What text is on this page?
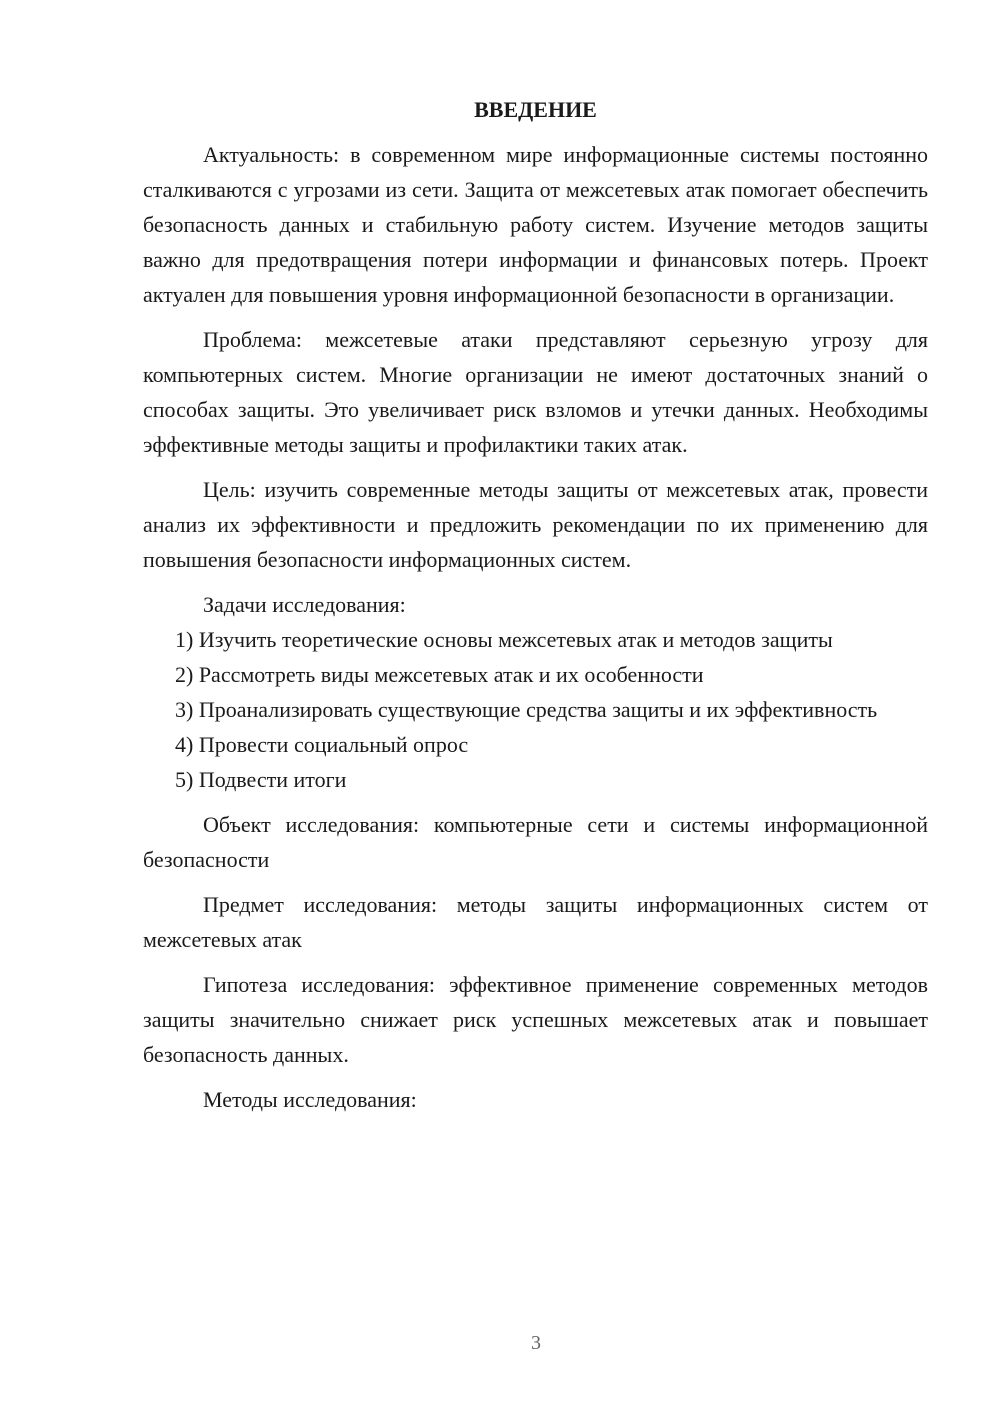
ВВЕДЕНИЕ

Актуальность: в современном мире информационные системы постоянно сталкиваются с угрозами из сети. Защита от межсетевых атак помогает обеспечить безопасность данных и стабильную работу систем. Изучение методов защиты важно для предотвращения потери информации и финансовых потерь. Проект актуален для повышения уровня информационной безопасности в организации.

Проблема: межсетевые атаки представляют серьезную угрозу для компьютерных систем. Многие организации не имеют достаточных знаний о способах защиты. Это увеличивает риск взломов и утечки данных. Необходимы эффективные методы защиты и профилактики таких атак.

Цель: изучить современные методы защиты от межсетевых атак, провести анализ их эффективности и предложить рекомендации по их применению для повышения безопасности информационных систем.

Задачи исследования:

1) Изучить теоретические основы межсетевых атак и методов защиты

2) Рассмотреть виды межсетевых атак и их особенности

3) Проанализировать существующие средства защиты и их эффективность

4) Провести социальный опрос

5) Подвести итоги

Объект исследования: компьютерные сети и системы информационной безопасности

Предмет исследования: методы защиты информационных систем от межсетевых атак

Гипотеза исследования: эффективное применение современных методов защиты значительно снижает риск успешных межсетевых атак и повышает безопасность данных.

Методы исследования:

3
